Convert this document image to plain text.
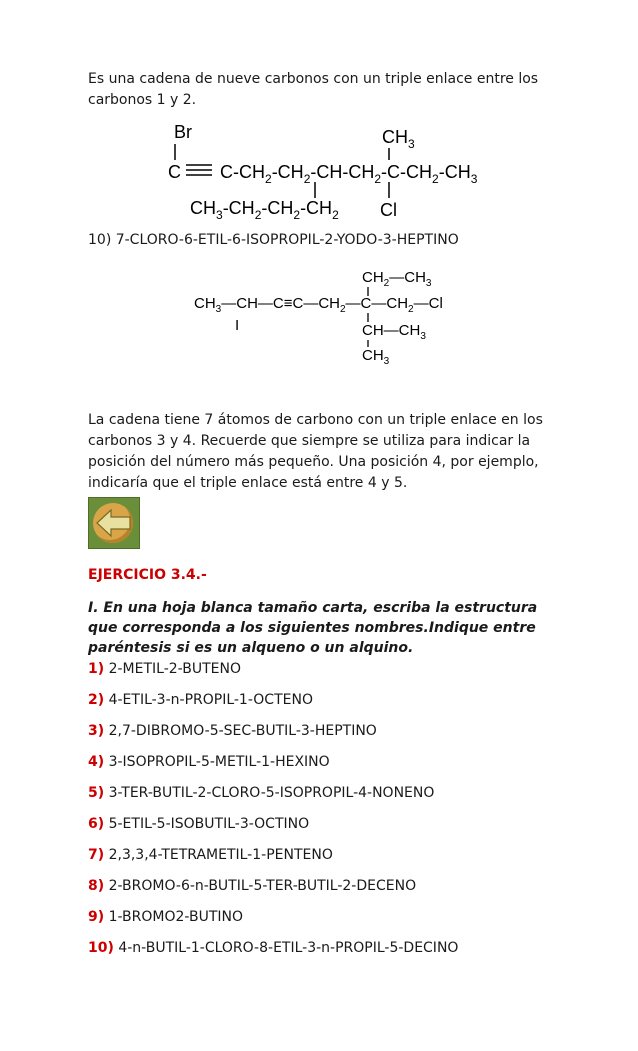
Es una cadena de nueve carbonos con un triple enlace entre los carbonos 1 y 2.

Br
C $C-CH_2-CH_2-CH-CH_2-C-CH_2-CH_3$
$CH_3$
$CH_3-CH_2-CH_2-CH_2$ Cl

10) 7-CLORO-6-ETIL-6-ISOPROPIL-2-YODO-3-HEPTINO

$CH_2—CH_3$
$CH_3—CH—C\equiv C—CH_2—C—CH_2—Cl$
I	$CH—CH_3$
$CH_3$

La cadena tiene 7 átomos de carbono con un triple enlace en los carbonos 3 y 4. Recuerde que siempre se utiliza para indicar la posición del número más pequeño. Una posición 4, por ejemplo, indicaría que el triple enlace está entre 4 y 5.

EJERCICIO 3.4.-

I. En una hoja blanca tamaño carta, escriba la estructura que corresponda a los siguientes nombres.Indique entre paréntesis si es un alqueno o un alquino.

1) 2-METIL-2-BUTENO
2) 4-ETIL-3-n-PROPIL-1-OCTENO
3) 2,7-DIBROMO-5-SEC-BUTIL-3-HEPTINO
4) 3-ISOPROPIL-5-METIL-1-HEXINO
5) 3-TER-BUTIL-2-CLORO-5-ISOPROPIL-4-NONENO
6) 5-ETIL-5-ISOBUTIL-3-OCTINO
7) 2,3,3,4-TETRAMETIL-1-PENTENO
8) 2-BROMO-6-n-BUTIL-5-TER-BUTIL-2-DECENO
9) 1-BROMO2-BUTINO
10) 4-n-BUTIL-1-CLORO-8-ETIL-3-n-PROPIL-5-DECINO
